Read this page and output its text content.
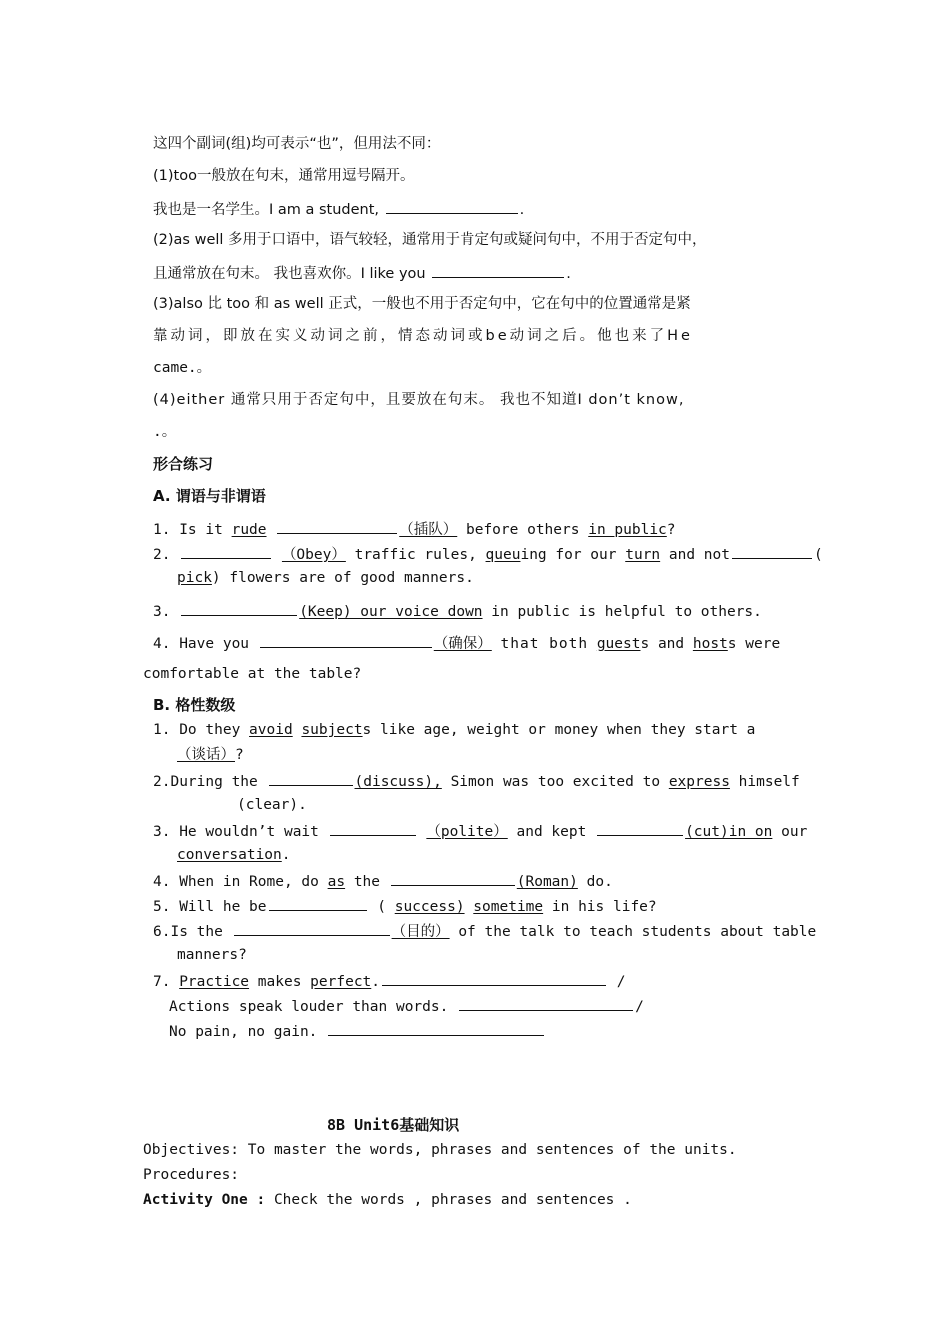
这四个副词(组)均可表示“也”，但用法不同：
(1)too一般放在句末，通常用逗号隔开。
我也是一名学生。I am a student,	.
(2)as well 多用于口语中，语气较轻，通常用于肯定句或疑问句中，不用于否定句中，
且通常放在句末。 我也喜欢你。I like you	.
(3)also 比 too 和 as well 正式，一般也不用于否定句中，它在句中的位置通常是紧
靠动词，即放在实义动词之前，情态动词或be动词之后。他也来了He
came.。
(4)either 通常只用于否定句中，且要放在句末。 我也不知道I don’t know,
.。
形合练习
A. 谓语与非谓语
1. Is it rude	（插队） before others in public?
2.	（Obey） traffic rules, queuing for our turn and not	(
pick) flowers are of good manners.
3.	(Keep) our voice down in public is helpful to others.
4. Have you	（确保） that both guests and hosts were
comfortable at the table?
B. 格性数级
1. Do they avoid subjects like age, weight or money when they start a
（谈话）?
2.During the	(discuss), Simon was too excited to express himself
(clear).
3. He wouldn’t wait	（polite） and kept	(cut)in on our
conversation.
4. When in Rome, do as the	(Roman) do.
5. Will he be	( success) sometime in his life?
6.Is the	（目的） of the talk to teach students about table
manners?
7. Practice makes perfect.	/
Actions speak louder than words.	/
No pain, no gain.
8B Unit6基础知识
Objectives: To master the words, phrases and sentences of the units.
Procedures:
Activity One : Check the words , phrases and sentences .
